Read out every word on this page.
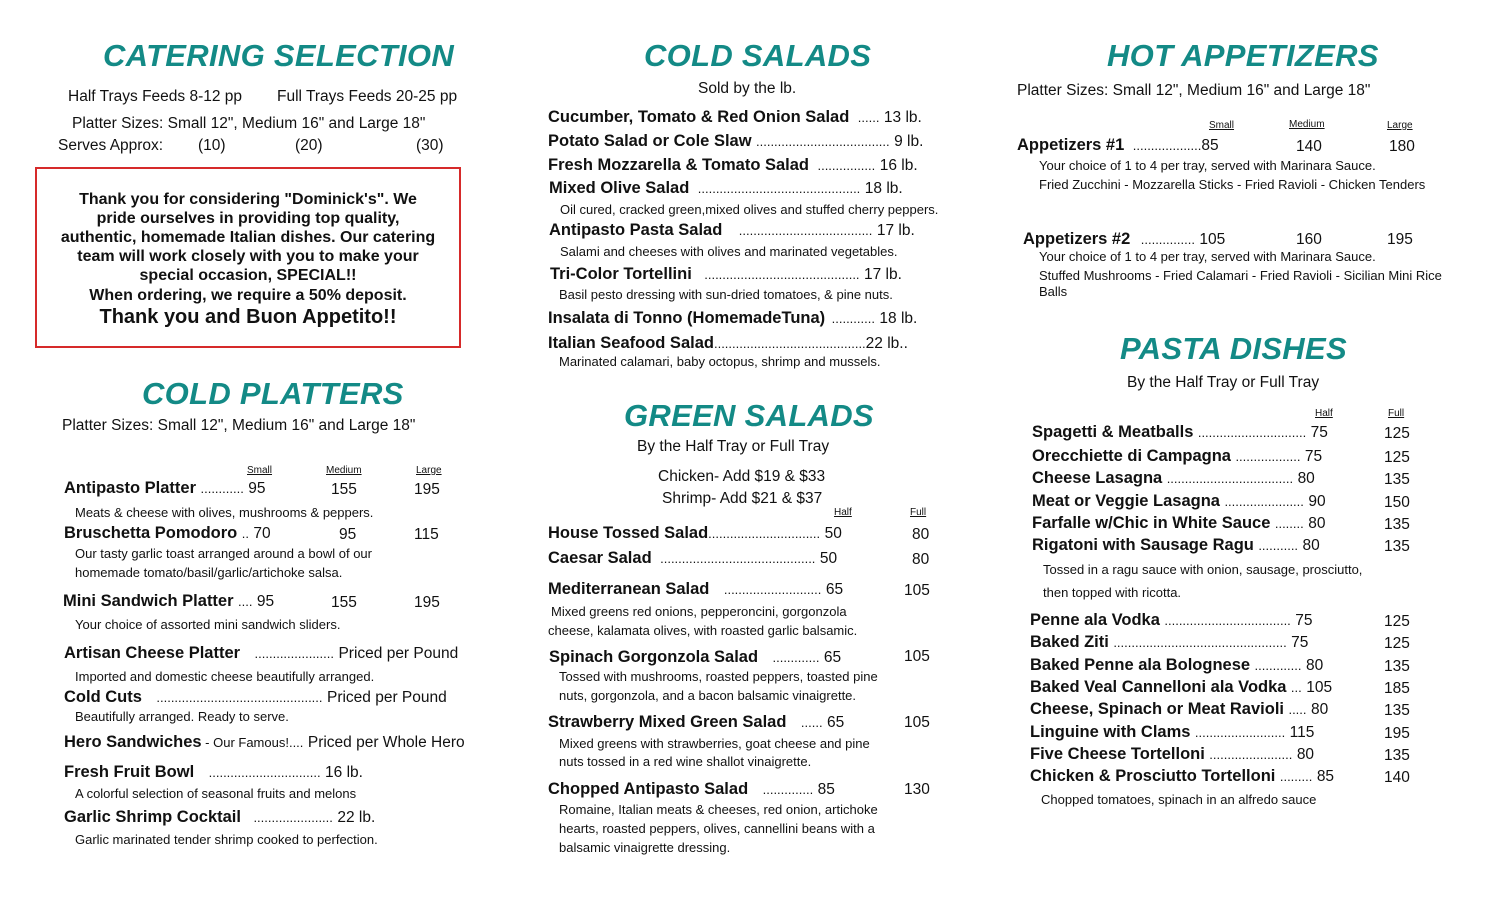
CATERING SELECTION
Half Trays Feeds 8-12 pp Full Trays Feeds 20-25 pp
Platter Sizes: Small 12", Medium 16" and Large 18"
Serves Approx: (10)	(20)	(30)
Thank you for considering "Dominick's". We
pride ourselves in providing top quality,
authentic, homemade Italian dishes. Our catering
team will work closely with you to make your
special occasion, SPECIAL!!
When ordering, we require a 50% deposit.
Thank you and Buon Appetito!!
COLD PLATTERS
Platter Sizes: Small 12", Medium 16" and Large 18"
Small	Medium	Large
Antipasto Platter ............ 95	155	195
Meats & cheese with olives, mushrooms & peppers.
Bruschetta Pomodoro .. 70	95	115
Our tasty garlic toast arranged around a bowl of our
homemade tomato/basil/garlic/artichoke salsa.
Mini Sandwich Platter .... 95	155	195
Your choice of assorted mini sandwich sliders.
Artisan Cheese Platter ...................... Priced per Pound
Imported and domestic cheese beautifully arranged.
Cold Cuts .............................................. Priced per Pound
Beautifully arranged. Ready to serve.
Hero Sandwiches - Our Famous!.... Priced per Whole Hero
Fresh Fruit Bowl ............................... 16 lb.
A colorful selection of seasonal fruits and melons
Garlic Shrimp Cocktail ...................... 22 lb.
Garlic marinated tender shrimp cooked to perfection.
COLD SALADS
Sold by the lb.
Cucumber, Tomato & Red Onion Salad ...... 13 lb.
Potato Salad or Cole Slaw ..................................... 9 lb.
Fresh Mozzarella & Tomato Salad ................ 16 lb.
Mixed Olive Salad ............................................. 18 lb.
Oil cured, cracked green,mixed olives and stuffed cherry peppers.
Antipasto Pasta Salad ..................................... 17 lb.
Salami and cheeses with olives and marinated vegetables.
Tri-Color Tortellini ........................................... 17 lb.
Basil pesto dressing with sun-dried tomatoes, & pine nuts.
Insalata di Tonno (HomemadeTuna) ............ 18 lb.
Italian Seafood Salad..........................................22 lb..
Marinated calamari, baby octopus, shrimp and mussels.
GREEN SALADS
By the Half Tray or Full Tray
Chicken- Add $19 & $33
Shrimp- Add $21 & $37
Half	Full
House Tossed Salad............................... 50	80
Caesar Salad ........................................... 50	80
Mediterranean Salad ........................... 65	105
Mixed greens red onions, pepperoncini, gorgonzola
cheese, kalamata olives, with roasted garlic balsamic.
Spinach Gorgonzola Salad ............. 65	105
Tossed with mushrooms, roasted peppers, toasted pine
nuts, gorgonzola, and a bacon balsamic vinaigrette.
Strawberry Mixed Green Salad ...... 65	105
Mixed greens with strawberries, goat cheese and pine
nuts tossed in a red wine shallot vinaigrette.
Chopped Antipasto Salad .............. 85	130
Romaine, Italian meats & cheeses, red onion, artichoke
hearts, roasted peppers, olives, cannellini beans with a
balsamic vinaigrette dressing.
HOT APPETIZERS
Platter Sizes: Small 12", Medium 16" and Large 18"
Small	Medium	Large
Appetizers #1 ...................85	140	180
Your choice of 1 to 4 per tray, served with Marinara Sauce.
Fried Zucchini - Mozzarella Sticks - Fried Ravioli - Chicken Tenders
Appetizers #2 ............... 105	160	195
Your choice of 1 to 4 per tray, served with Marinara Sauce.
Stuffed Mushrooms - Fried Calamari - Fried Ravioli - Sicilian Mini Rice
Balls
PASTA DISHES
By the Half Tray or Full Tray
Half	Full
Spagetti & Meatballs .............................. 75	125
Orecchiette di Campagna .................. 75	125
Cheese Lasagna ................................... 80	135
Meat or Veggie Lasagna ...................... 90	150
Farfalle w/Chic in White Sauce ........ 80	135
Rigatoni with Sausage Ragu ........... 80	135
Penne ala Vodka ................................... 75	125
Baked Ziti ................................................ 75	125
Baked Penne ala Bolognese ............. 80	135
Baked Veal Cannelloni ala Vodka ... 105	185
Cheese, Spinach or Meat Ravioli ..... 80	135
Linguine with Clams ......................... 115	195
Five Cheese Tortelloni ....................... 80	135
Chicken & Prosciutto Tortelloni ......... 85	140
Tossed in a ragu sauce with onion, sausage, prosciutto,
then topped with ricotta.
Chopped tomatoes, spinach in an alfredo sauce
